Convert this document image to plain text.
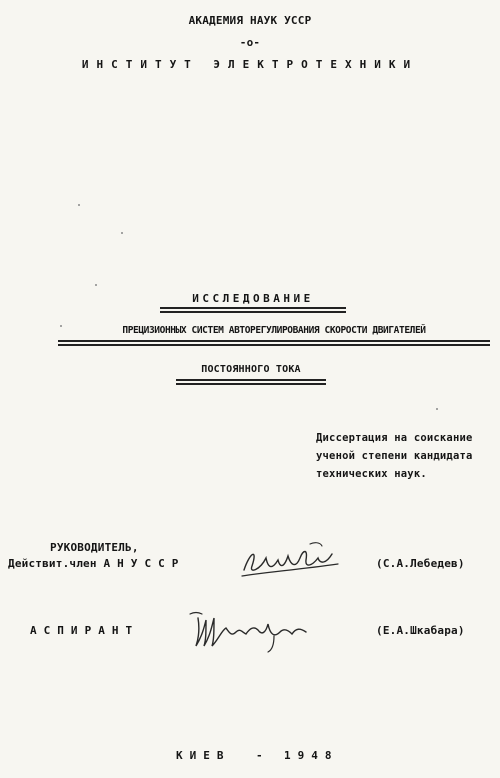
АКАДЕМИЯ НАУК УССР
-о-
ИНСТИТУТ ЭЛЕКТРОТЕХНИКИ
ИССЛЕДОВАНИЕ
ПРЕЦИЗИОННЫХ СИСТЕМ АВТОРЕГУЛИРОВАНИЯ СКОРОСТИ ДВИГАТЕЛЕЙ
ПОСТОЯННОГО ТОКА
Диссертация на соискание
ученой степени кандидата
технических наук.
РУКОВОДИТЕЛЬ,
Действит.член А Н У С С Р	(С.А.Лебедев)
А С П И Р А Н Т	(Е.А.Шкабара)
К И Е В	- 1 9 4 8
